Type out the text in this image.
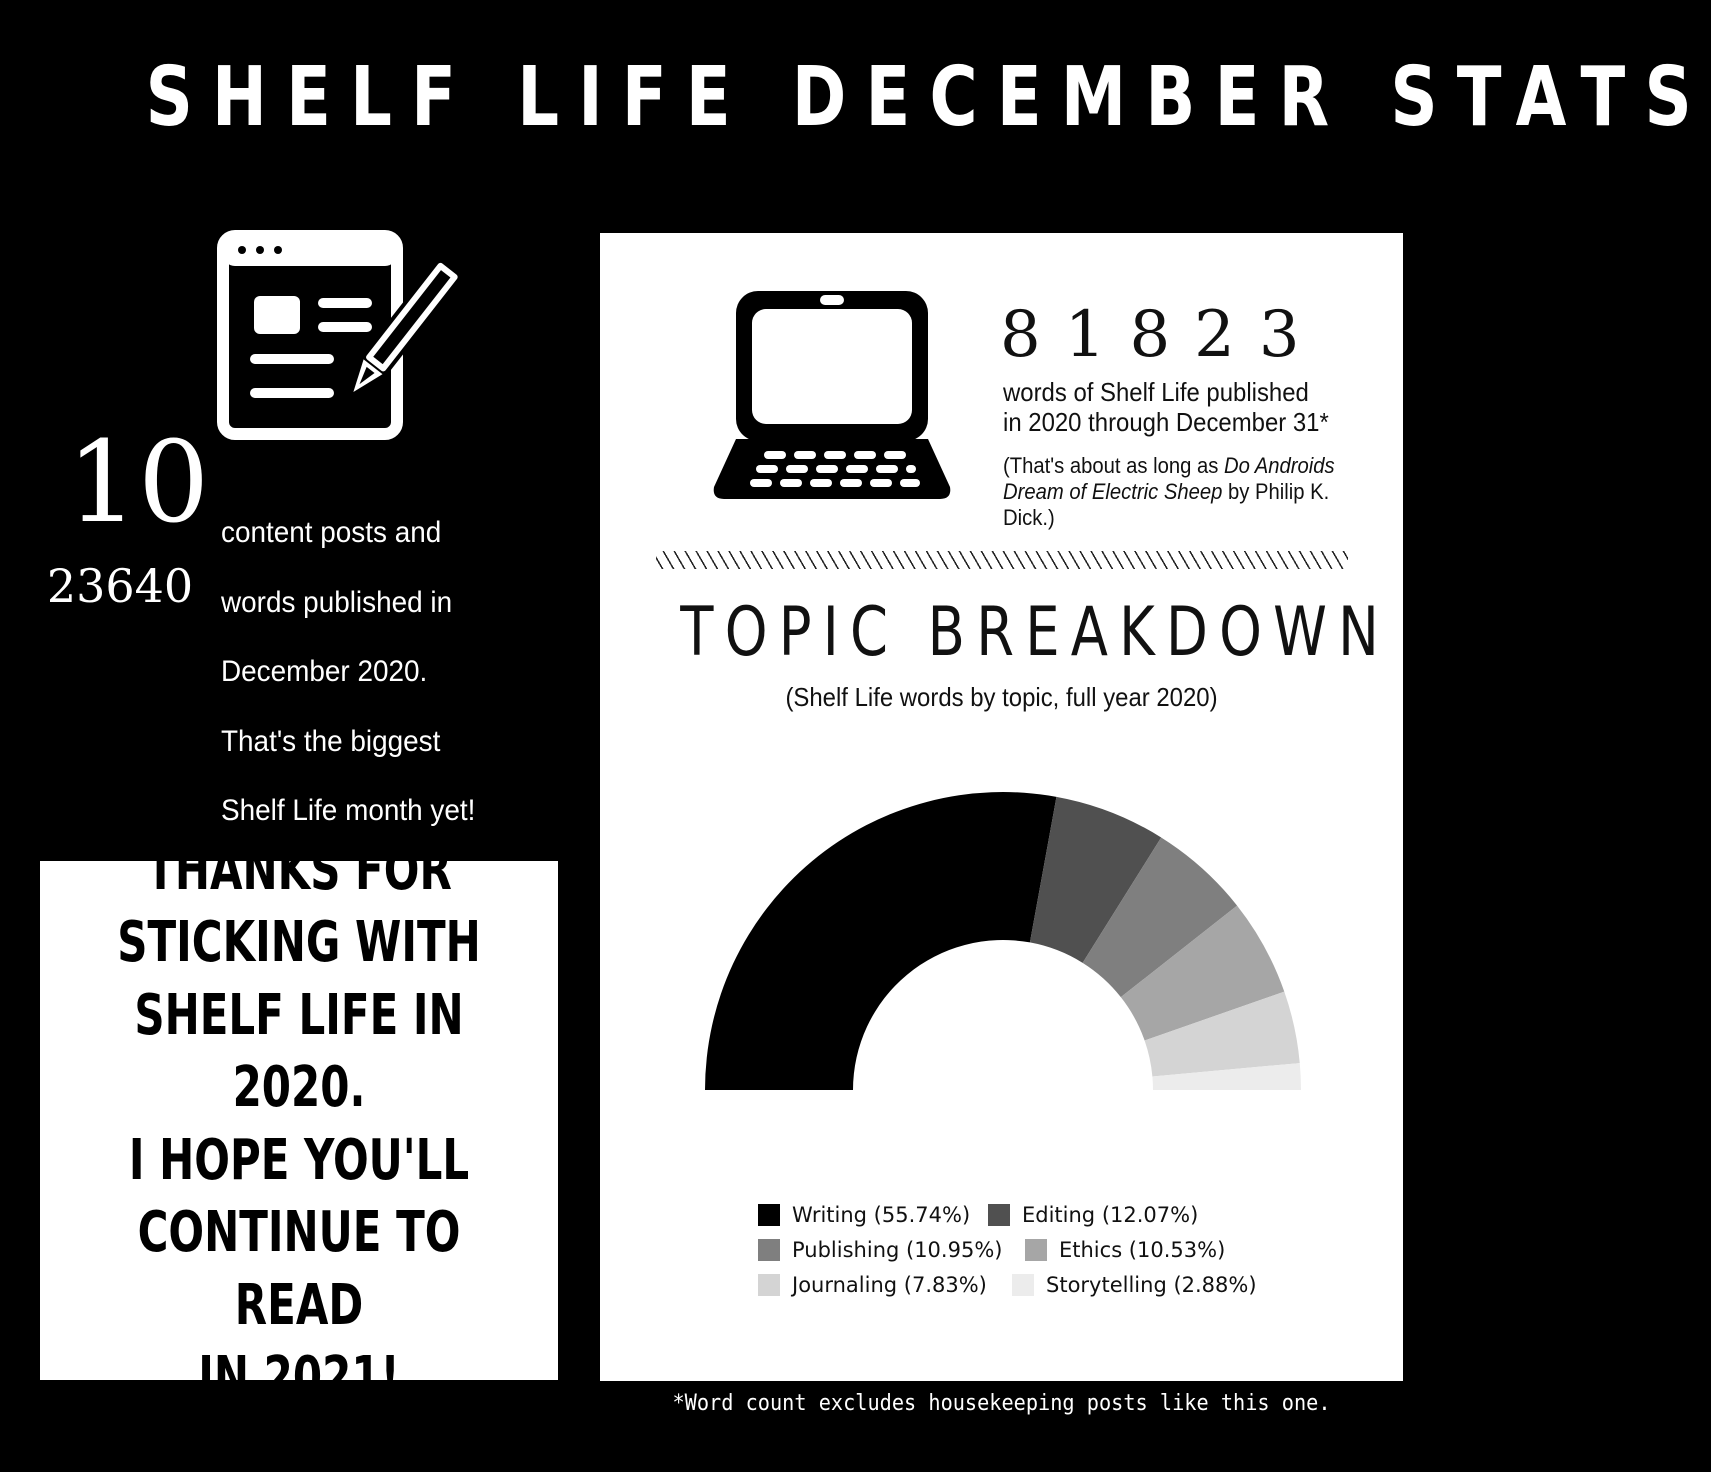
SHELF LIFE DECEMBER STATS
10
23640
content posts and
words published in
December 2020.
That's the biggest
Shelf Life month yet!
THANKS FOR
STICKING WITH
SHELF LIFE IN 2020.
I HOPE YOU'LL
CONTINUE TO READ
IN 2021!
81823
words of Shelf Life published
in 2020 through December 31*
(That's about as long as Do Androids Dream of Electric Sheep by Philip K. Dick.)
TOPIC BREAKDOWN
(Shelf Life words by topic, full year 2020)
Writing (55.74%) Editing (12.07%)
Publishing (10.95%)	Ethics (10.53%)
Journaling (7.83%)	Storytelling (2.88%)
*Word count excludes housekeeping posts like this one.
